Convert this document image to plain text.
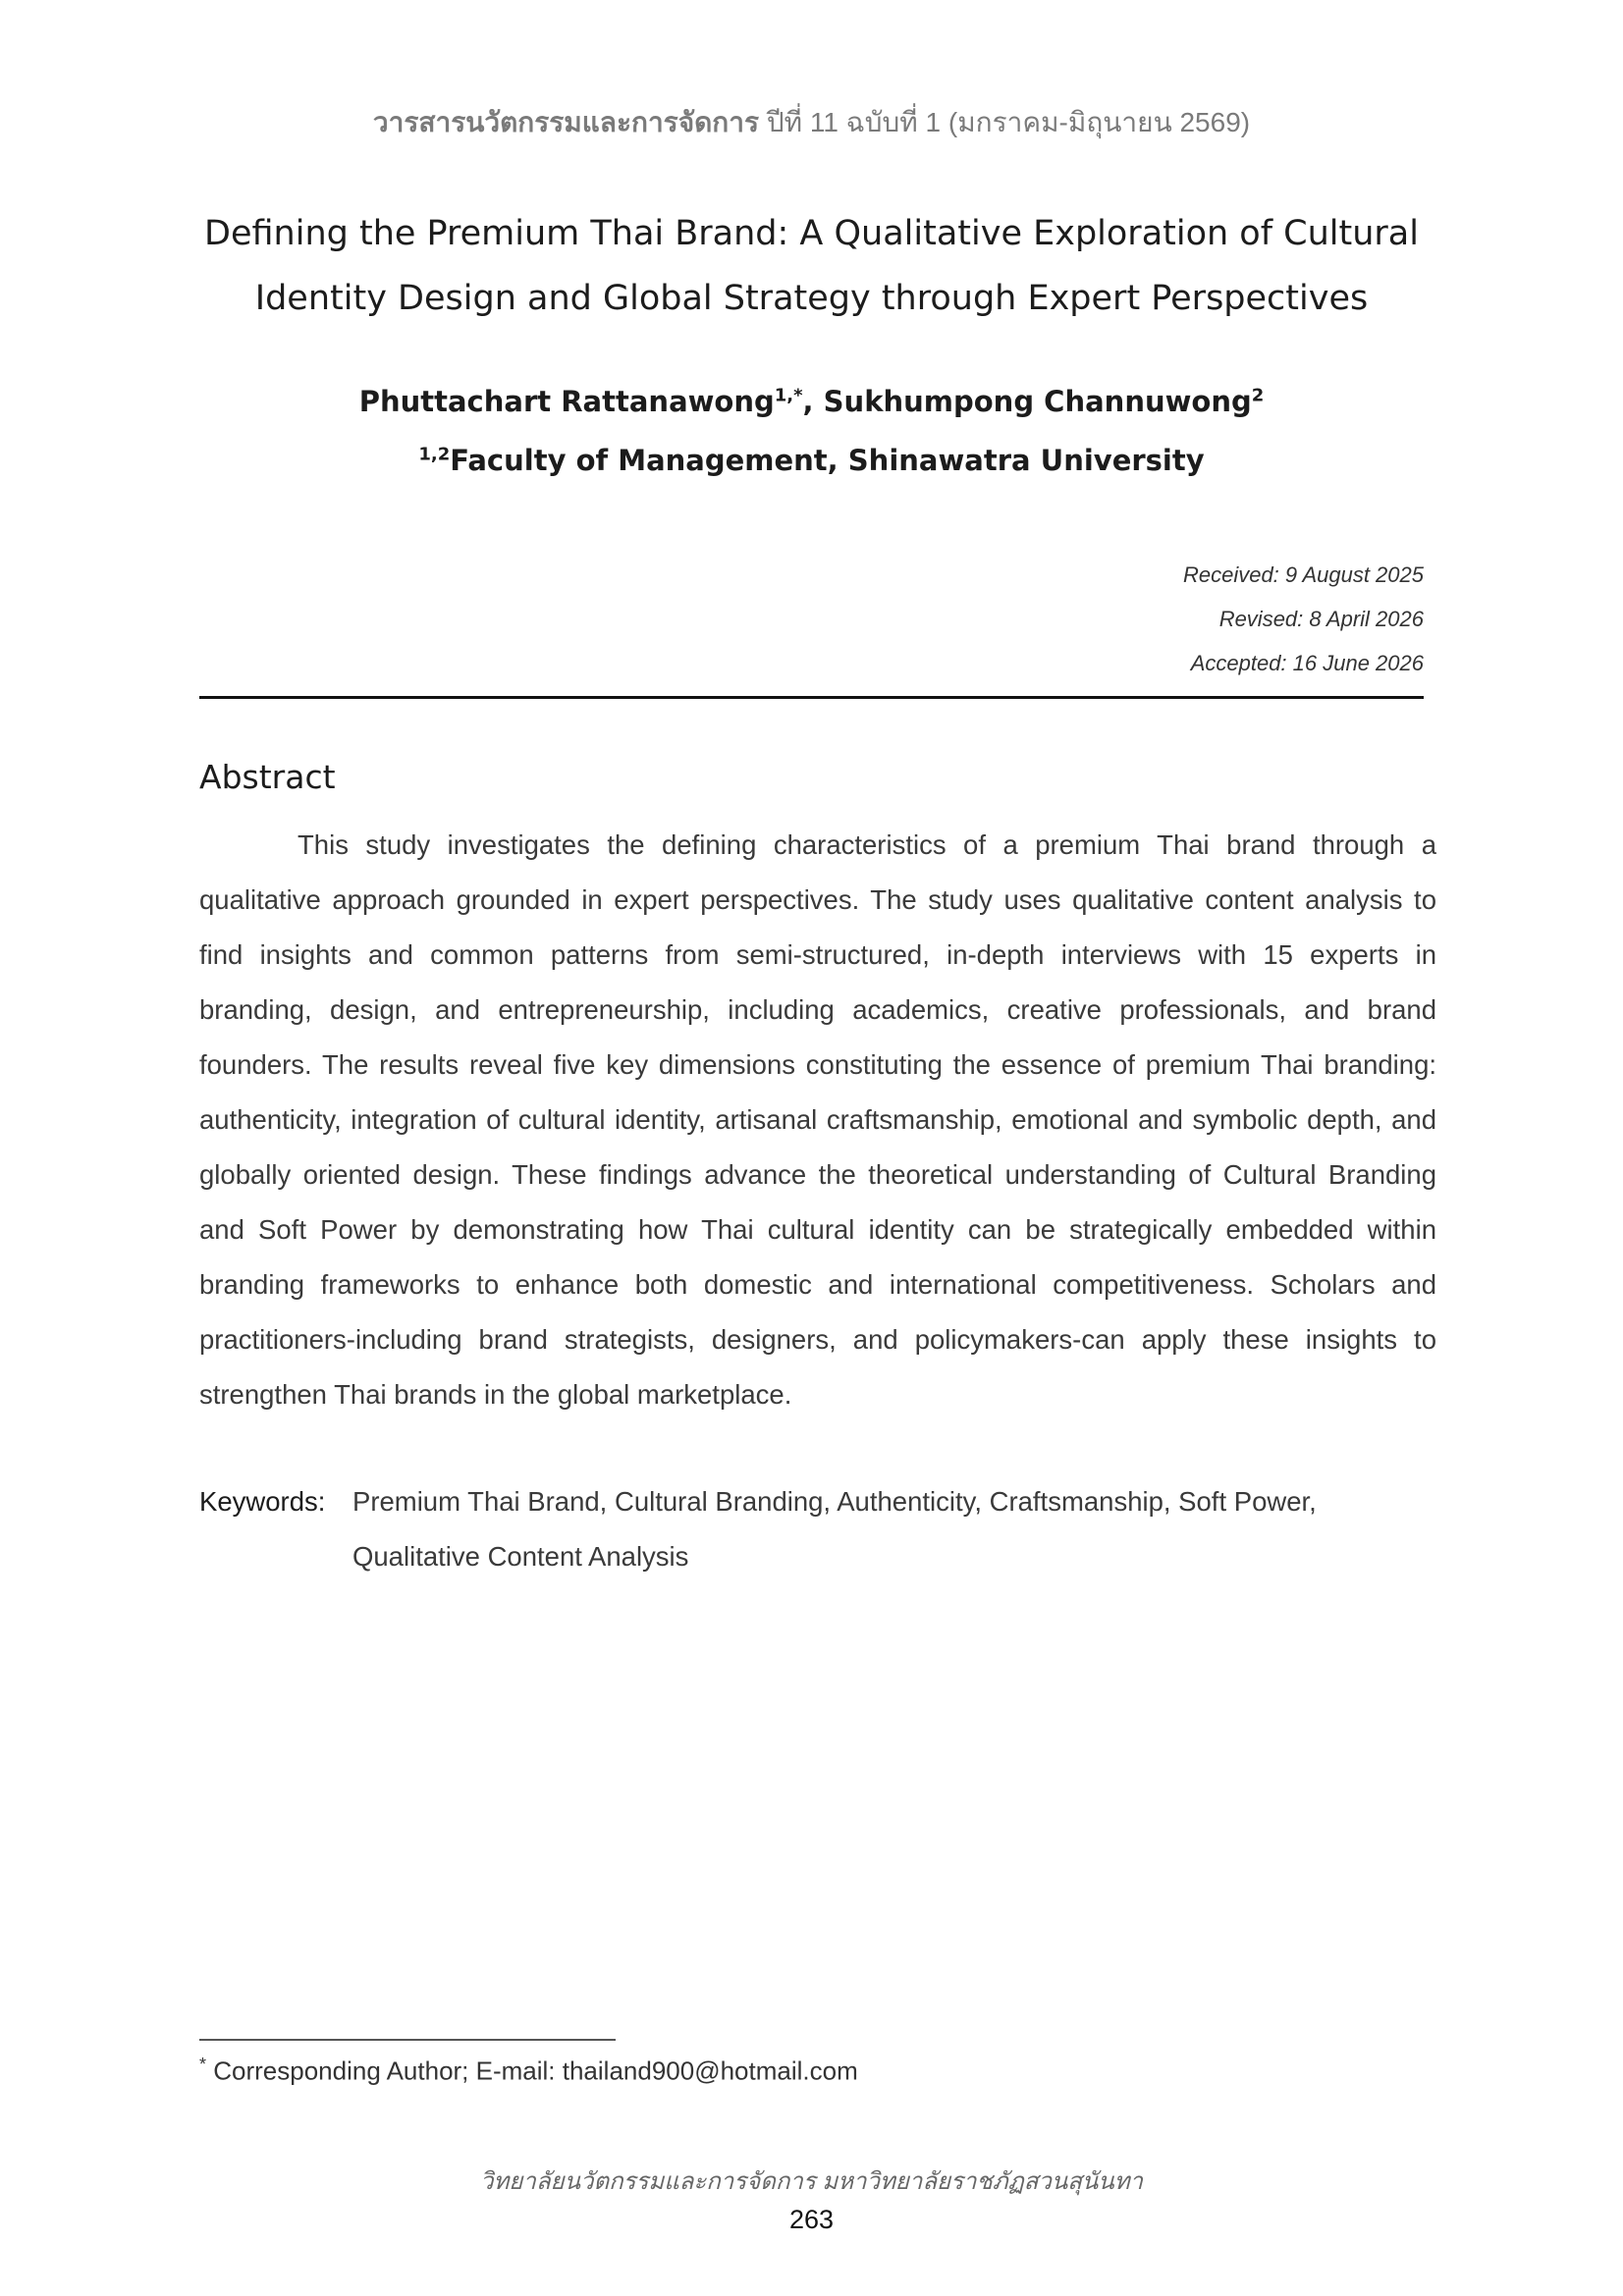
วารสารนวัตกรรมและการจัดการ ปีที่ 11 ฉบับที่ 1 (มกราคม-มิถุนายน 2569)
Defining the Premium Thai Brand: A Qualitative Exploration of Cultural
Identity Design and Global Strategy through Expert Perspectives
Phuttachart Rattanawong$^{1,*}$, Sukhumpong Channuwong$^2$
$^{1,2}$Faculty of Management, Shinawatra University
Received: 9 August 2025
Revised: 8 April 2026
Accepted: 16 June 2026
Abstract
This study investigates the defining characteristics of a premium Thai brand through a qualitative approach grounded in expert perspectives. The study uses qualitative content analysis to find insights and common patterns from semi-structured, in-depth interviews with 15 experts in branding, design, and entrepreneurship, including academics, creative professionals, and brand founders. The results reveal five key dimensions constituting the essence of premium Thai branding: authenticity, integration of cultural identity, artisanal craftsmanship, emotional and symbolic depth, and globally oriented design. These findings advance the theoretical understanding of Cultural Branding and Soft Power by demonstrating how Thai cultural identity can be strategically embedded within branding frameworks to enhance both domestic and international competitiveness. Scholars and practitioners-including brand strategists, designers, and policymakers-can apply these insights to strengthen Thai brands in the global marketplace.
Keywords: Premium Thai Brand, Cultural Branding, Authenticity, Craftsmanship, Soft Power,
Qualitative Content Analysis
* Corresponding Author; E-mail: thailand900@hotmail.com
วิทยาลัยนวัตกรรมและการจัดการ มหาวิทยาลัยราชภัฏสวนสุนันทา
263
